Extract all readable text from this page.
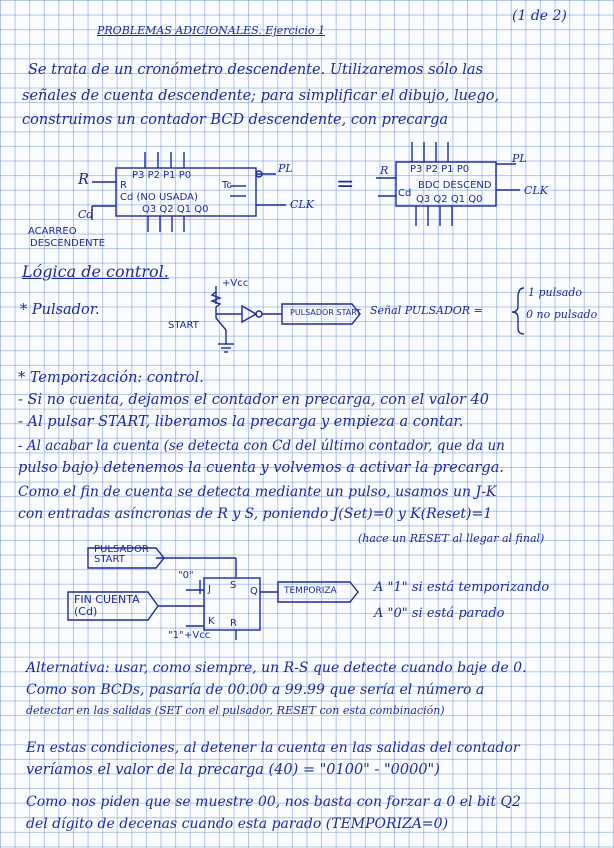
PROBLEMAS ADICIONALES. Ejercicio 1
(1 de 2)
Se trata de un cronómetro descendente. Utilizaremos sólo las
señales de cuenta descendente; para simplificar el dibujo, luego,
construimos un contador BCD descendente, con precarga
P3 P2 P1 P0
R
Cd (NO USADA)
Q3 Q2 Q1 Q0
Tc
PL
CLK
R
Cd
ACARREO
DESCENDENTE
=
P3 P2 P1 P0
BDC DESCEND
Q3 Q2 Q1 Q0
PL
CLK
R
Cd
Lógica de control.
* Pulsador.
+Vcc
START
PULSADOR START Señal PULSADOR =
1 pulsado
0 no pulsado
* Temporización: control.
- Si no cuenta, dejamos el contador en precarga, con el valor 40
- Al pulsar START, liberamos la precarga y empieza a contar.
- Al acabar la cuenta (se detecta con Cd del último contador, que da un
pulso bajo) detenemos la cuenta y volvemos a activar la precarga.
Como el fin de cuenta se detecta mediante un pulso, usamos un J-K
con entradas asíncronas de R y S, poniendo J(Set)=0 y K(Reset)=1
(hace un RESET al llegar al final)
PULSADOR START
FIN CUENTA (Cd)
"0"
"1" +Vcc
J
K
S
R
Q	TEMPORIZA	A "1" si está temporizando
A "0" si está parado
Alternativa: usar, como siempre, un R-S que detecte cuando baje de 0.
Como son BCDs, pasaría de 00.00 a 99.99 que sería el número a
detectar en las salidas (SET con el pulsador, RESET con esta combinación)
En estas condiciones, al detener la cuenta en las salidas del contador
veríamos el valor de la precarga (40) = "0100" - "0000")
Como nos piden que se muestre 00, nos basta con forzar a 0 el bit Q2
del dígito de decenas cuando esta parado (TEMPORIZA=0)
